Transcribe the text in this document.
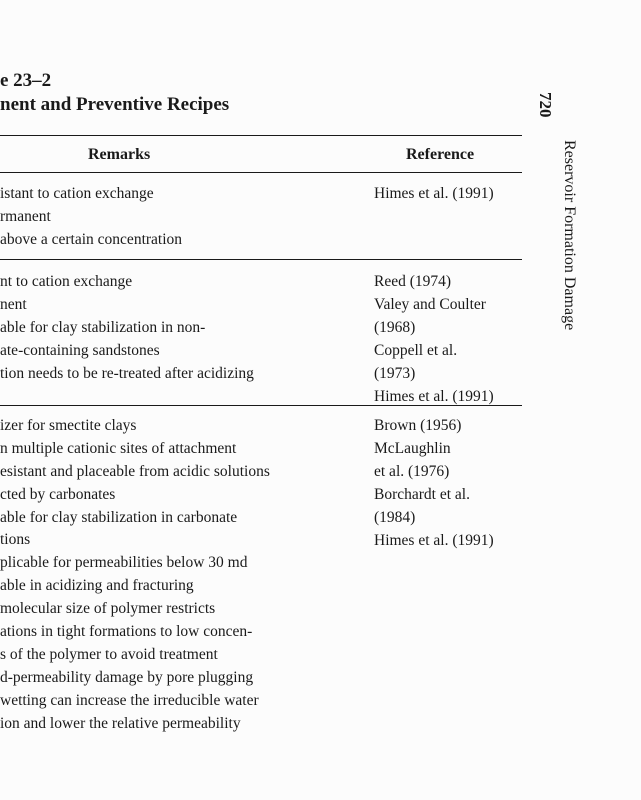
e 23–2
nent and Preventive Recipes
Remarks	Reference
istant to cation exchange
rmanent
above a certain concentration
Himes et al. (1991)
nt to cation exchange
nent
able for clay stabilization in non-
ate-containing sandstones
tion needs to be re-treated after acidizing
Reed (1974)
Valey and Coulter
(1968)
Coppell et al.
(1973)
Himes et al. (1991)
izer for smectite clays
n multiple cationic sites of attachment
esistant and placeable from acidic solutions
cted by carbonates
able for clay stabilization in carbonate
tions
plicable for permeabilities below 30 md
able in acidizing and fracturing
molecular size of polymer restricts
ations in tight formations to low concen-
s of the polymer to avoid treatment
d-permeability damage by pore plugging
wetting can increase the irreducible water
ion and lower the relative permeability
Brown (1956)
McLaughlin
et al. (1976)
Borchardt et al.
(1984)
Himes et al. (1991)
720
Reservoir Formation Damage
